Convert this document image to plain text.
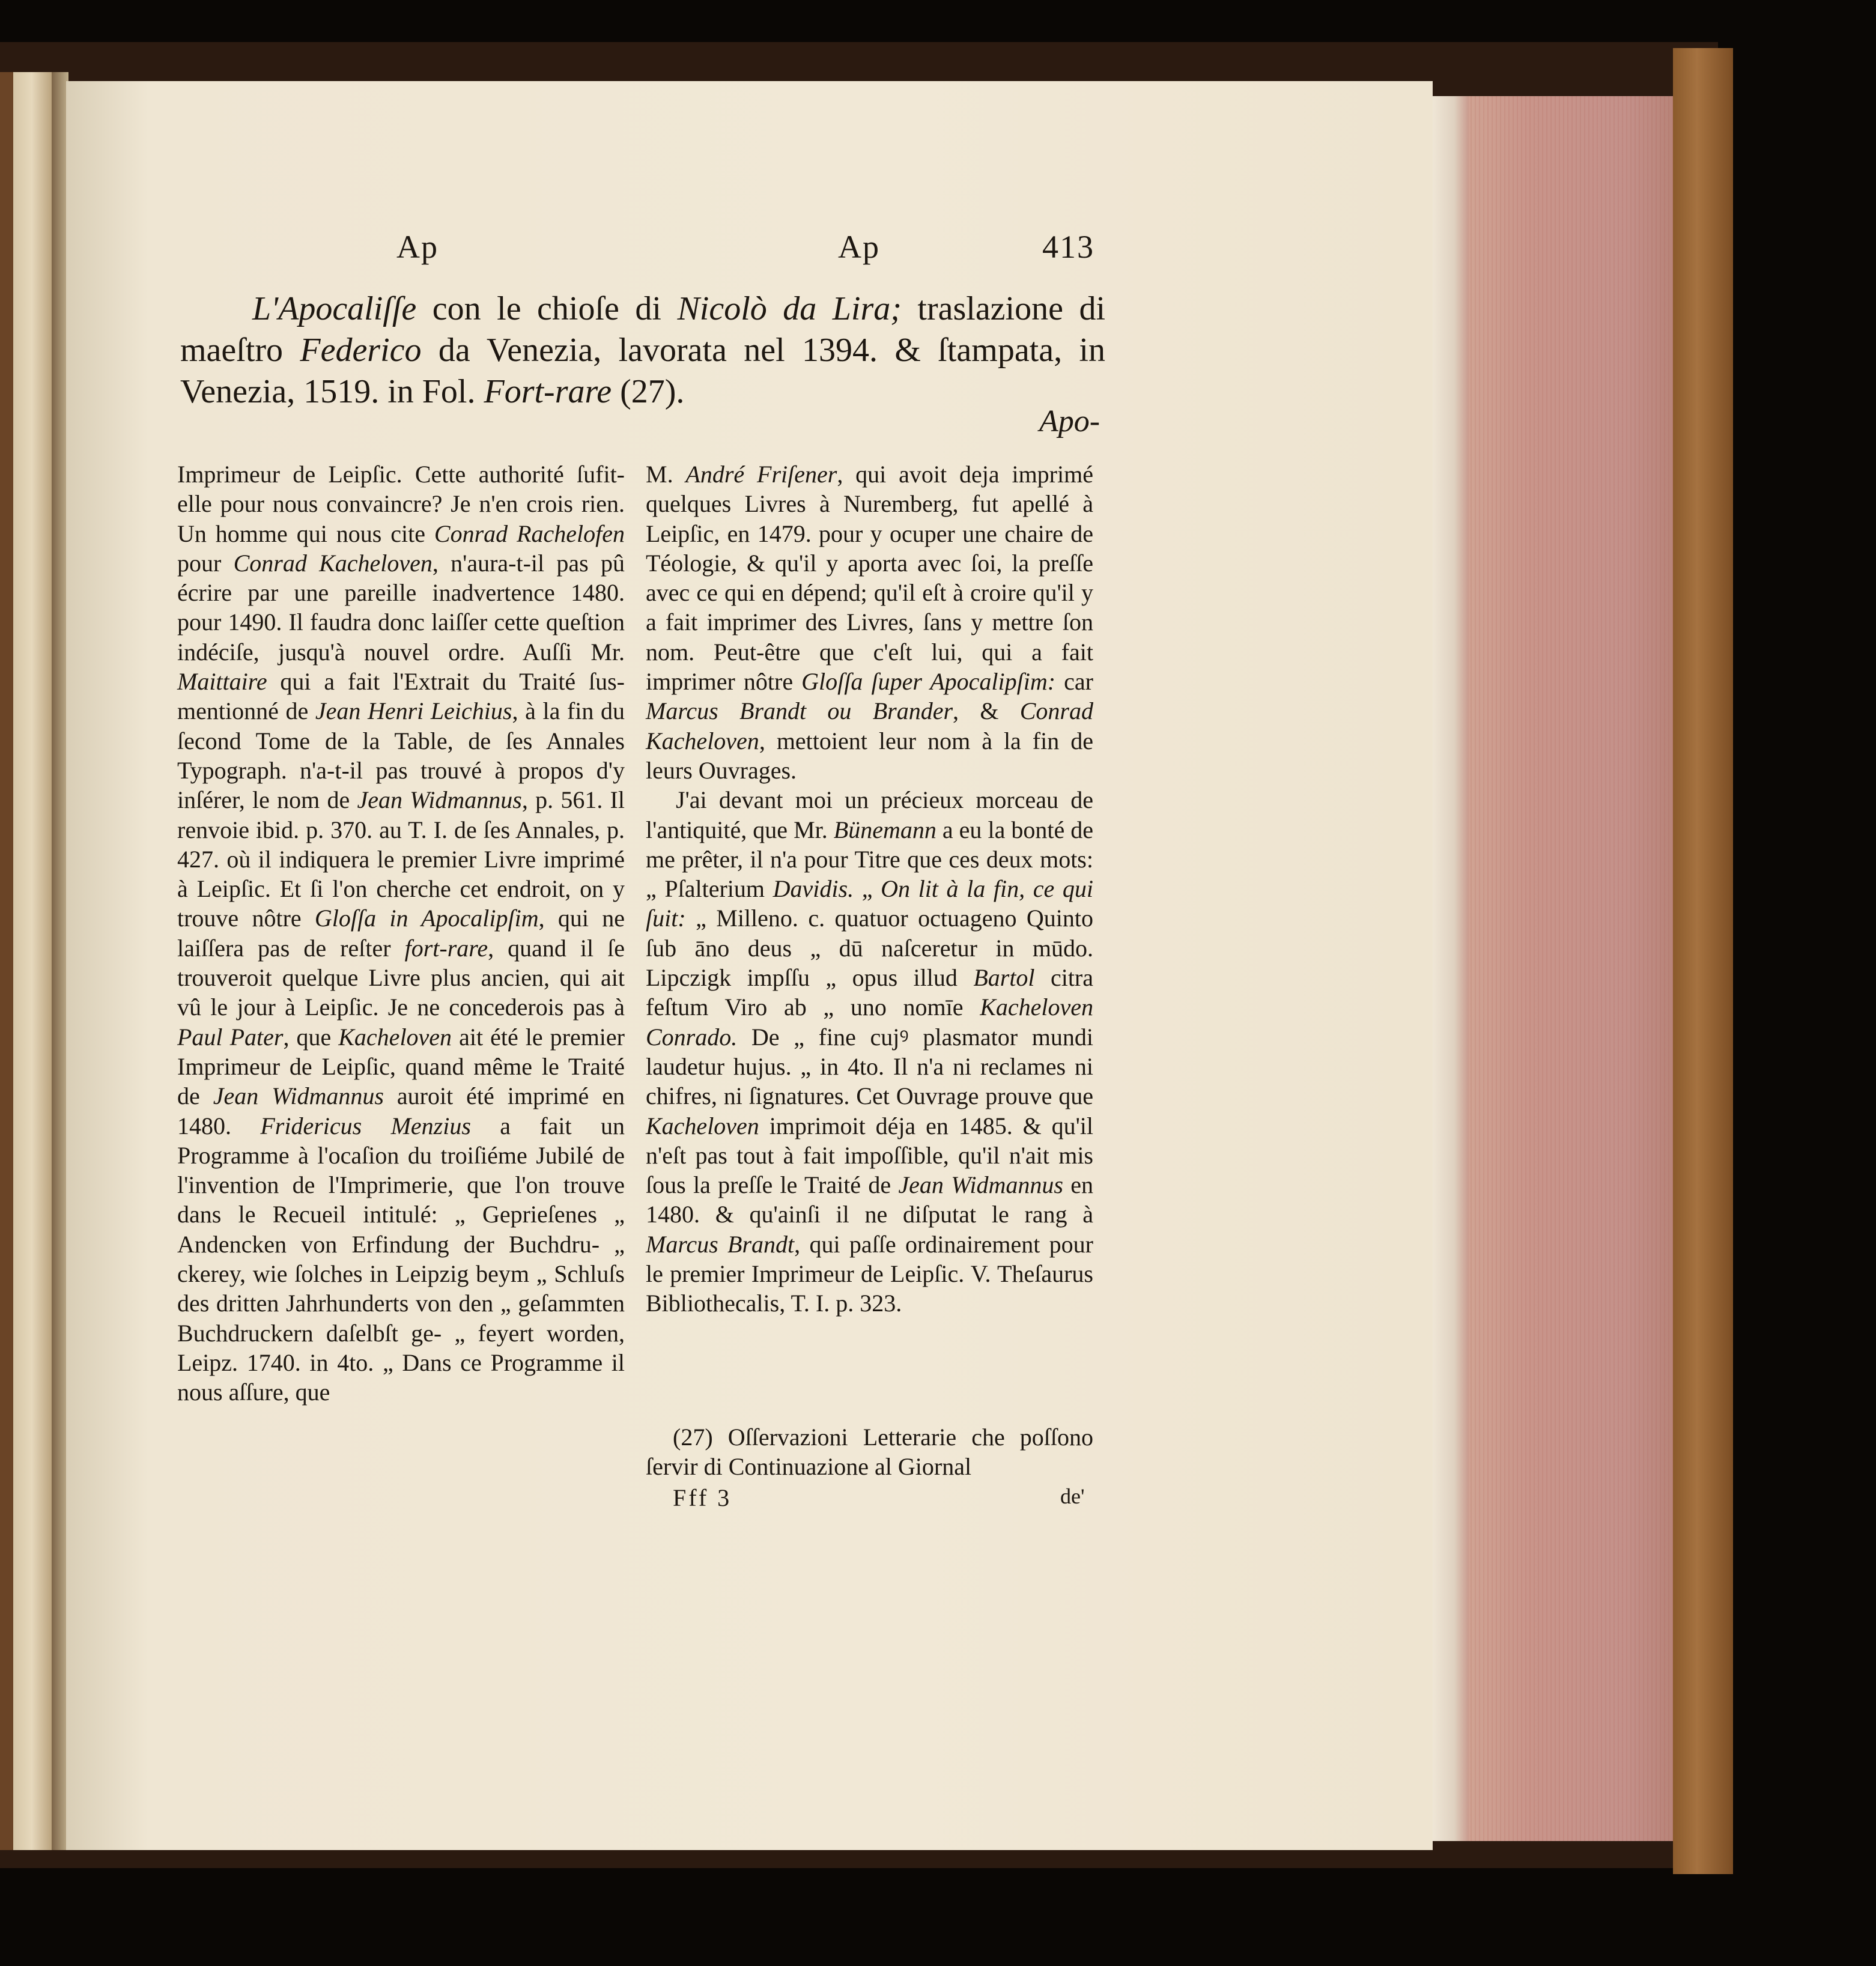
Ap	Ap	413
L'Apocaliſſe con le chioſe di Nicolò da Lira; traslazione di maeſtro Federico da Venezia, lavorata nel 1394. & ſtampata, in Venezia, 1519. in Fol. Fort-rare (27).
Apo-

Imprimeur de Leipſic. Cette authorité ſufit-elle pour nous convaincre? Je n'en crois rien. Un homme qui nous cite Conrad Rachelofen pour Conrad Kacheloven, n'aura-t-il pas pû écrire par une pareille inadvertence 1480. pour 1490. Il faudra donc laiſſer cette queſtion indéciſe, jusqu'à nouvel ordre. Auſſi Mr. Maittaire qui a fait l'Extrait du Traité ſus-mentionné de Jean Henri Leichius, à la fin du ſecond Tome de la Table, de ſes Annales Typograph. n'a-t-il pas trouvé à propos d'y inſérer, le nom de Jean Widmannus, p. 561. Il renvoie ibid. p. 370. au T. I. de ſes Annales, p. 427. où il indiquera le premier Livre imprimé à Leipſic. Et ſi l'on cherche cet endroit, on y trouve nôtre Gloſſa in Apocalipſim, qui ne laiſſera pas de reſter fort-rare, quand il ſe trouveroit quelque Livre plus ancien, qui ait vû le jour à Leipſic. Je ne concederois pas à Paul Pater, que Kacheloven ait été le premier Imprimeur de Leipſic, quand même le Traité de Jean Widmannus auroit été imprimé en 1480. Fridericus Menzius a fait un Programme à l'ocaſion du troiſiéme Jubilé de l'invention de l'Imprimerie, que l'on trouve dans le Recueil intitulé: „ Geprieſenes „ Andencken von Erfindung der Buchdru- „ ckerey, wie ſolches in Leipzig beym „ Schluſs des dritten Jahrhunderts von den „ geſammten Buchdruckern daſelbſt ge- „ feyert worden, Leipz. 1740. in 4to. „ Dans ce Programme il nous aſſure, que

M. André Friſener, qui avoit deja imprimé quelques Livres à Nuremberg, fut apellé à Leipſic, en 1479. pour y ocuper une chaire de Téologie, & qu'il y aporta avec ſoi, la preſſe avec ce qui en dépend; qu'il eſt à croire qu'il y a fait imprimer des Livres, ſans y mettre ſon nom. Peut-être que c'eſt lui, qui a fait imprimer nôtre Gloſſa ſuper Apocalipſim: car Marcus Brandt ou Brander, & Conrad Kacheloven, mettoient leur nom à la fin de leurs Ouvrages.

J'ai devant moi un précieux morceau de l'antiquité, que Mr. Bünemann a eu la bonté de me prêter, il n'a pour Titre que ces deux mots: „ Pſalterium Davidis. „ On lit à la fin, ce qui ſuit: „ Milleno. c. quatuor octuageno Quinto ſub āno deus „ dū naſceretur in mūdo. Lipczigk impſſu „ opus illud Bartol citra feſtum Viro ab „ uno nomīe Kacheloven Conrado. De „ fine cujꝰ plasmator mundi laudetur hujus. „ in 4to. Il n'a ni reclames ni chifres, ni ſignatures. Cet Ouvrage prouve que Kacheloven imprimoit déja en 1485. & qu'il n'eſt pas tout à fait impoſſible, qu'il n'ait mis ſous la preſſe le Traité de Jean Widmannus en 1480. & qu'ainſi il ne diſputat le rang à Marcus Brandt, qui paſſe ordinairement pour le premier Imprimeur de Leipſic. V. Theſaurus Bibliothecalis, T. I. p. 323.

(27) Oſſervazioni Letterarie che poſſono ſervir di Continuazione al Giornal
Fff 3	de'
